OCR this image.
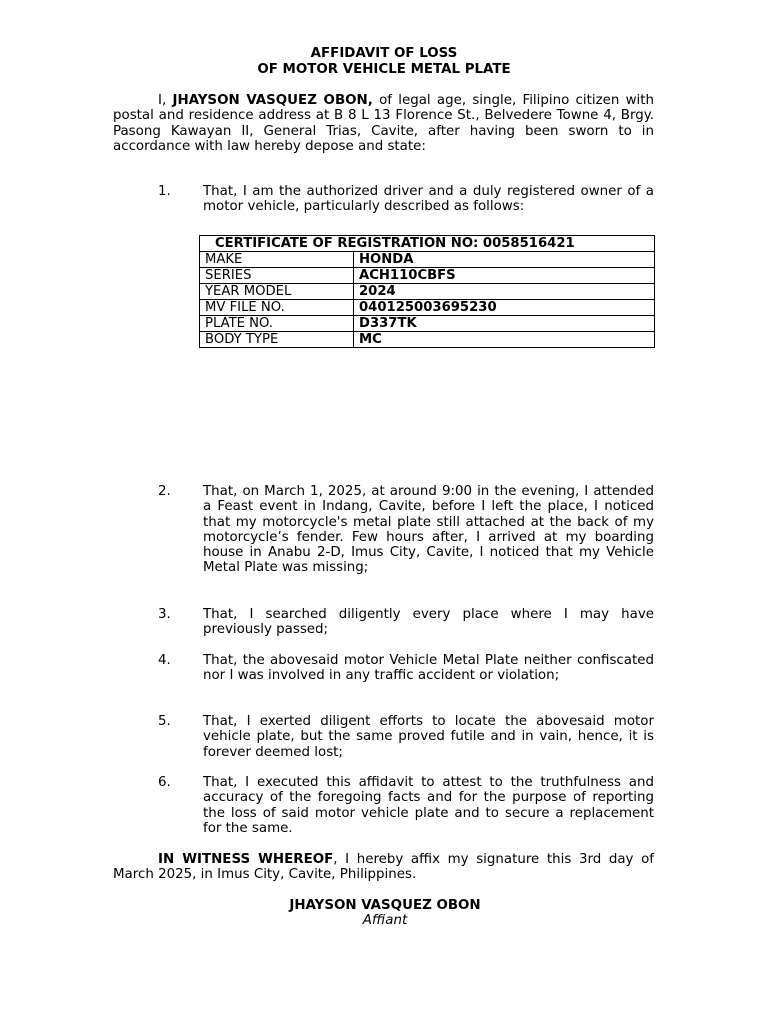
AFFIDAVIT OF LOSS
OF MOTOR VEHICLE METAL PLATE
I, JHAYSON VASQUEZ OBON, of legal age, single, Filipino citizen with postal and residence address at B 8 L 13 Florence St., Belvedere Towne 4, Brgy. Pasong Kawayan II, General Trias, Cavite, after having been sworn to in accordance with law hereby depose and state:
1. That, I am the authorized driver and a duly registered owner of a motor vehicle, particularly described as follows:
CERTIFICATE OF REGISTRATION NO: 0058516421	
MAKE	HONDA
SERIES	ACH110CBFS
YEAR MODEL	2024
MV FILE NO.	040125003695230
PLATE NO.	D337TK
BODY TYPE	MC
2. That, on March 1, 2025, at around 9:00 in the evening, I attended a Feast event in Indang, Cavite, before I left the place, I noticed that my motorcycle's metal plate still attached at the back of my motorcycle’s fender. Few hours after, I arrived at my boarding house in Anabu 2-D, Imus City, Cavite, I noticed that my Vehicle Metal Plate was missing;
3. That, I searched diligently every place where I may have previously passed;
4. That, the abovesaid motor Vehicle Metal Plate neither confiscated nor I was involved in any traffic accident or violation;
5. That, I exerted diligent efforts to locate the abovesaid motor vehicle plate, but the same proved futile and in vain, hence, it is forever deemed lost;
6. That, I executed this affidavit to attest to the truthfulness and accuracy of the foregoing facts and for the purpose of reporting the loss of said motor vehicle plate and to secure a replacement for the same.
IN WITNESS WHEREOF, I hereby affix my signature this 3rd day of March 2025, in Imus City, Cavite, Philippines.
JHAYSON VASQUEZ OBON
Affiant
